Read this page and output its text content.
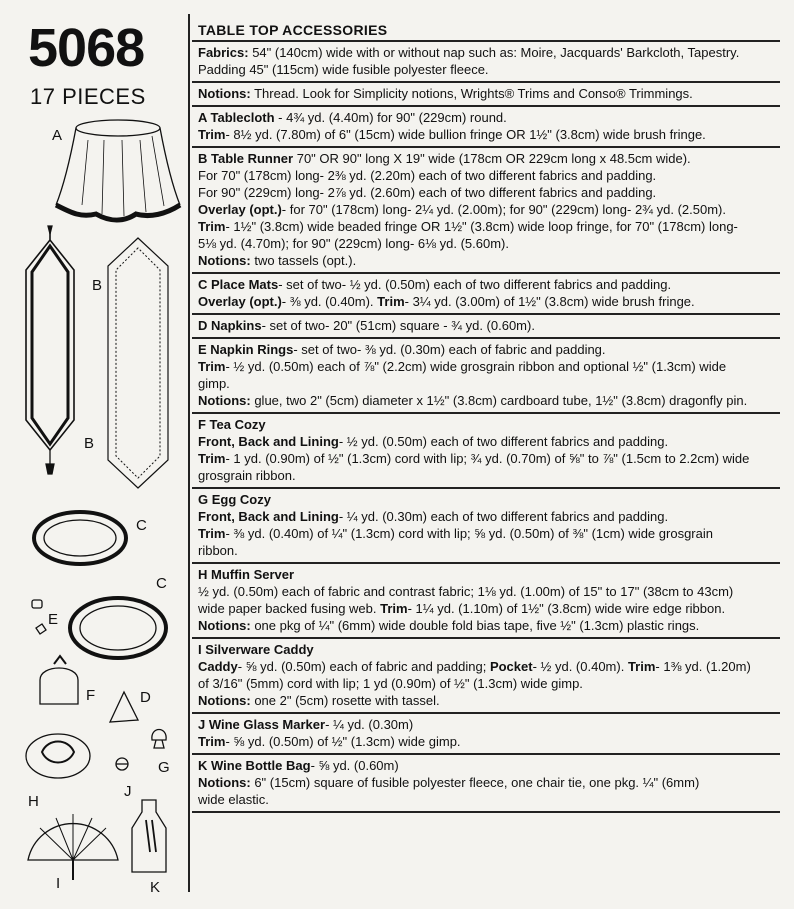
5068
17 PIECES
A
B
B
C
C
E
F	D
G
H
J
I	K
TABLE TOP ACCESSORIES
Fabrics: 54" (140cm) wide with or without nap such as: Moire, Jacquards' Barkcloth, Tapestry.
Padding 45" (115cm) wide fusible polyester fleece.
Notions: Thread. Look for Simplicity notions, Wrights® Trims and Conso® Trimmings.
A Tablecloth - 4¾ yd. (4.40m) for 90" (229cm) round.
Trim- 8½ yd. (7.80m) of 6" (15cm) wide bullion fringe OR 1½" (3.8cm) wide brush fringe.
B Table Runner 70" OR 90" long X 19" wide (178cm OR 229cm long x 48.5cm wide).
For 70" (178cm) long- 2⅜ yd. (2.20m) each of two different fabrics and padding.
For 90" (229cm) long- 2⅞ yd. (2.60m) each of two different fabrics and padding.
Overlay (opt.)- for 70" (178cm) long- 2¼ yd. (2.00m); for 90" (229cm) long- 2¾ yd. (2.50m).
Trim- 1½" (3.8cm) wide beaded fringe OR 1½" (3.8cm) wide loop fringe, for 70" (178cm) long-
5⅛ yd. (4.70m); for 90" (229cm) long- 6⅛ yd. (5.60m).
Notions: two tassels (opt.).
C Place Mats- set of two- ½ yd. (0.50m) each of two different fabrics and padding.
Overlay (opt.)- ⅜ yd. (0.40m). Trim- 3¼ yd. (3.00m) of 1½" (3.8cm) wide brush fringe.
D Napkins- set of two- 20" (51cm) square - ¾ yd. (0.60m).
E Napkin Rings- set of two- ⅜ yd. (0.30m) each of fabric and padding.
Trim- ½ yd. (0.50m) each of ⅞" (2.2cm) wide grosgrain ribbon and optional ½" (1.3cm) wide
gimp.
Notions: glue, two 2" (5cm) diameter x 1½" (3.8cm) cardboard tube, 1½" (3.8cm) dragonfly pin.
F Tea Cozy
Front, Back and Lining- ½ yd. (0.50m) each of two different fabrics and padding.
Trim- 1 yd. (0.90m) of ½" (1.3cm) cord with lip; ¾ yd. (0.70m) of ⅝" to ⅞" (1.5cm to 2.2cm) wide
grosgrain ribbon.
G Egg Cozy
Front, Back and Lining- ¼ yd. (0.30m) each of two different fabrics and padding.
Trim- ⅜ yd. (0.40m) of ¼" (1.3cm) cord with lip; ⅝ yd. (0.50m) of ⅜" (1cm) wide grosgrain
ribbon.
H Muffin Server
½ yd. (0.50m) each of fabric and contrast fabric; 1⅛ yd. (1.00m) of 15" to 17" (38cm to 43cm)
wide paper backed fusing web. Trim- 1¼ yd. (1.10m) of 1½" (3.8cm) wide wire edge ribbon.
Notions: one pkg of ¼" (6mm) wide double fold bias tape, five ½" (1.3cm) plastic rings.
I Silverware Caddy
Caddy- ⅝ yd. (0.50m) each of fabric and padding; Pocket- ½ yd. (0.40m). Trim- 1⅜ yd. (1.20m)
of 3/16" (5mm) cord with lip; 1 yd (0.90m) of ½" (1.3cm) wide gimp.
Notions: one 2" (5cm) rosette with tassel.
J Wine Glass Marker- ¼ yd. (0.30m)
Trim- ⅝ yd. (0.50m) of ½" (1.3cm) wide gimp.
K Wine Bottle Bag- ⅝ yd. (0.60m)
Notions: 6" (15cm) square of fusible polyester fleece, one chair tie, one pkg. ¼" (6mm)
wide elastic.
